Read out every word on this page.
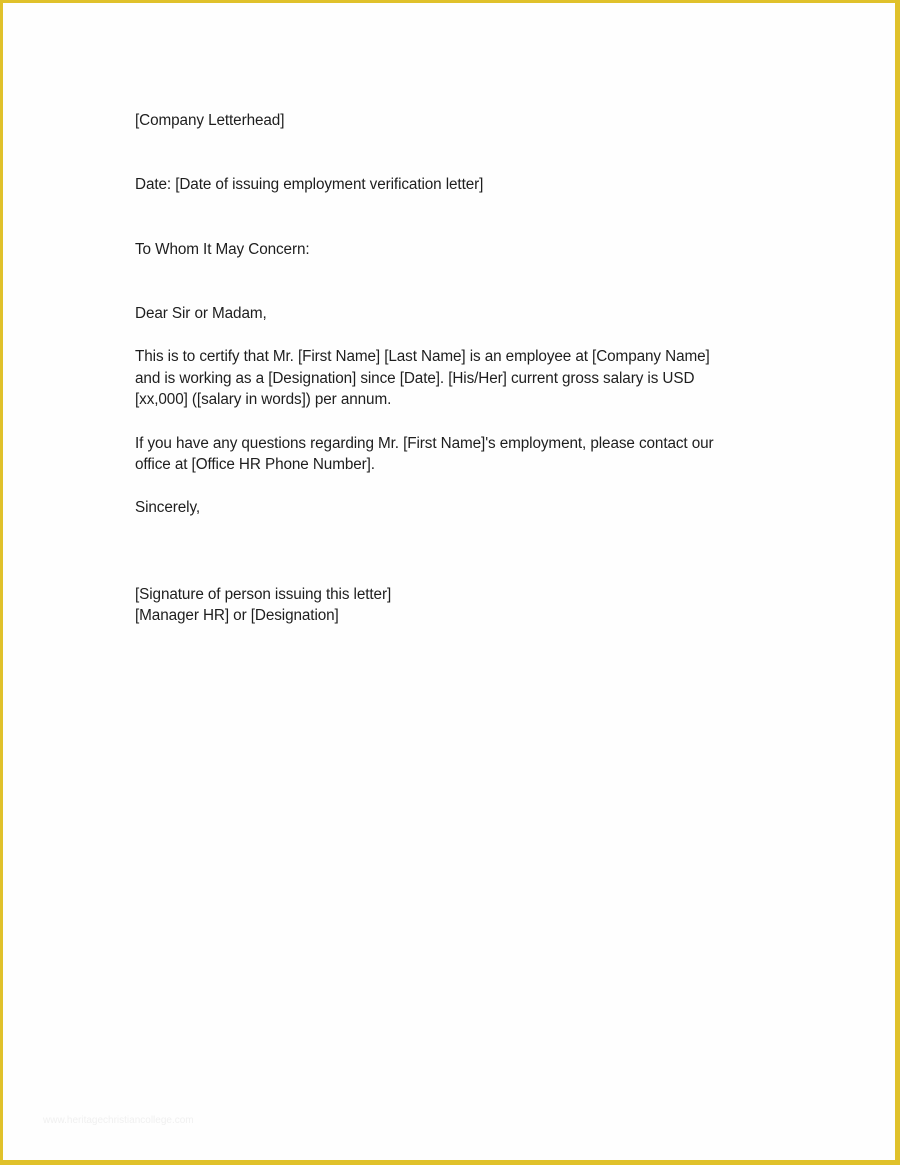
[Company Letterhead]
Date: [Date of issuing employment verification letter]
To Whom It May Concern:
Dear Sir or Madam,
This is to certify that Mr. [First Name] [Last Name] is an employee at [Company Name]
and is working as a [Designation] since [Date]. [His/Her] current gross salary is USD
[xx,000] ([salary in words]) per annum.
If you have any questions regarding Mr. [First Name]'s employment, please contact our
office at [Office HR Phone Number].
Sincerely,
[Signature of person issuing this letter]
[Manager HR] or [Designation]
www.heritagechristiancollege.com
